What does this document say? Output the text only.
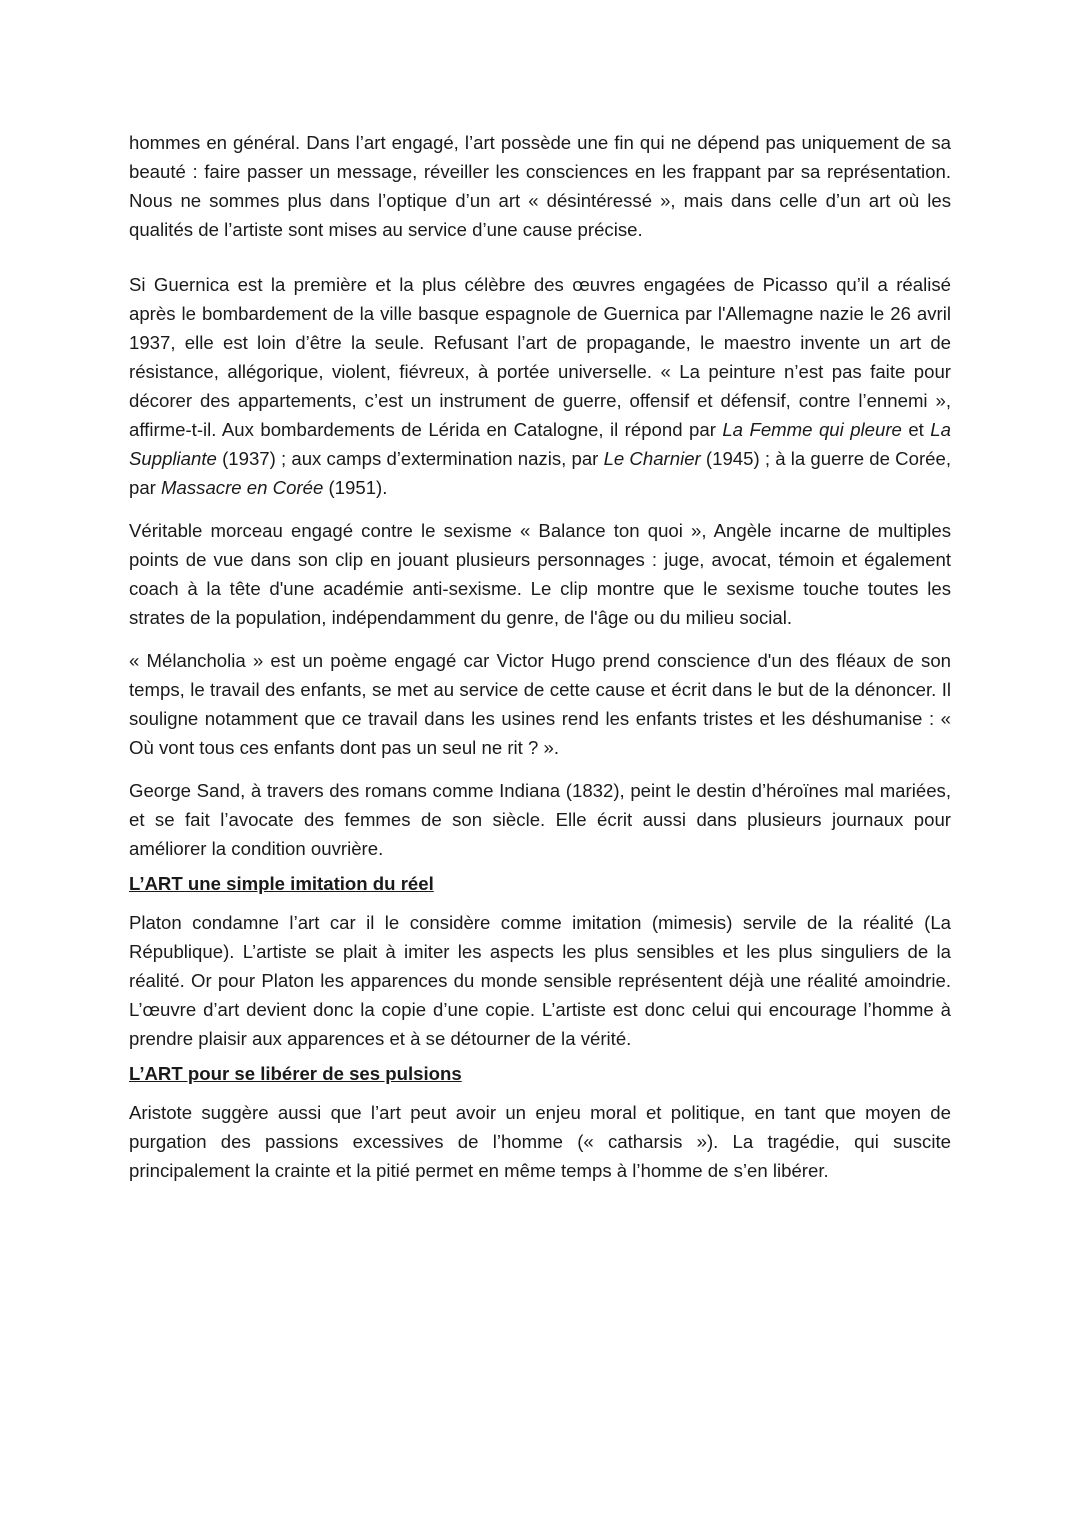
hommes en général. Dans l’art engagé, l’art possède une fin qui ne dépend pas uniquement de sa beauté : faire passer un message, réveiller les consciences en les frappant par sa représentation. Nous ne sommes plus dans l’optique d’un art « désintéressé », mais dans celle d’un art où les qualités de l’artiste sont mises au service d’une cause précise.

Si Guernica est la première et la plus célèbre des œuvres engagées de Picasso qu’il a réalisé après le bombardement de la ville basque espagnole de Guernica par l'Allemagne nazie le 26 avril 1937, elle est loin d’être la seule. Refusant l’art de propagande, le maestro invente un art de résistance, allégorique, violent, fiévreux, à portée universelle. « La peinture n’est pas faite pour décorer des appartements, c’est un instrument de guerre, offensif et défensif, contre l’ennemi », affirme-t-il. Aux bombardements de Lérida en Catalogne, il répond par La Femme qui pleure et La Suppliante (1937) ; aux camps d’extermination nazis, par Le Charnier (1945) ; à la guerre de Corée, par Massacre en Corée (1951).

Véritable morceau engagé contre le sexisme « Balance ton quoi », Angèle incarne de multiples points de vue dans son clip en jouant plusieurs personnages : juge, avocat, témoin et également coach à la tête d'une académie anti-sexisme. Le clip montre que le sexisme touche toutes les strates de la population, indépendamment du genre, de l'âge ou du milieu social.

« Mélancholia » est un poème engagé car Victor Hugo prend conscience d'un des fléaux de son temps, le travail des enfants, se met au service de cette cause et écrit dans le but de la dénoncer. Il souligne notamment que ce travail dans les usines rend les enfants tristes et les déshumanise : « Où vont tous ces enfants dont pas un seul ne rit ? ».

George Sand, à travers des romans comme Indiana (1832), peint le destin d’héroïnes mal mariées, et se fait l’avocate des femmes de son siècle. Elle écrit aussi dans plusieurs journaux pour améliorer la condition ouvrière.

L’ART une simple imitation du réel

Platon condamne l’art car il le considère comme imitation (mimesis) servile de la réalité (La République). L’artiste se plait à imiter les aspects les plus sensibles et les plus singuliers de la réalité. Or pour Platon les apparences du monde sensible représentent déjà une réalité amoindrie. L’œuvre d’art devient donc la copie d’une copie. L’artiste est donc celui qui encourage l’homme à prendre plaisir aux apparences et à se détourner de la vérité.

L’ART pour se libérer de ses pulsions

Aristote suggère aussi que l’art peut avoir un enjeu moral et politique, en tant que moyen de purgation des passions excessives de l’homme (« catharsis »). La tragédie, qui suscite principalement la crainte et la pitié permet en même temps à l’homme de s’en libérer.
